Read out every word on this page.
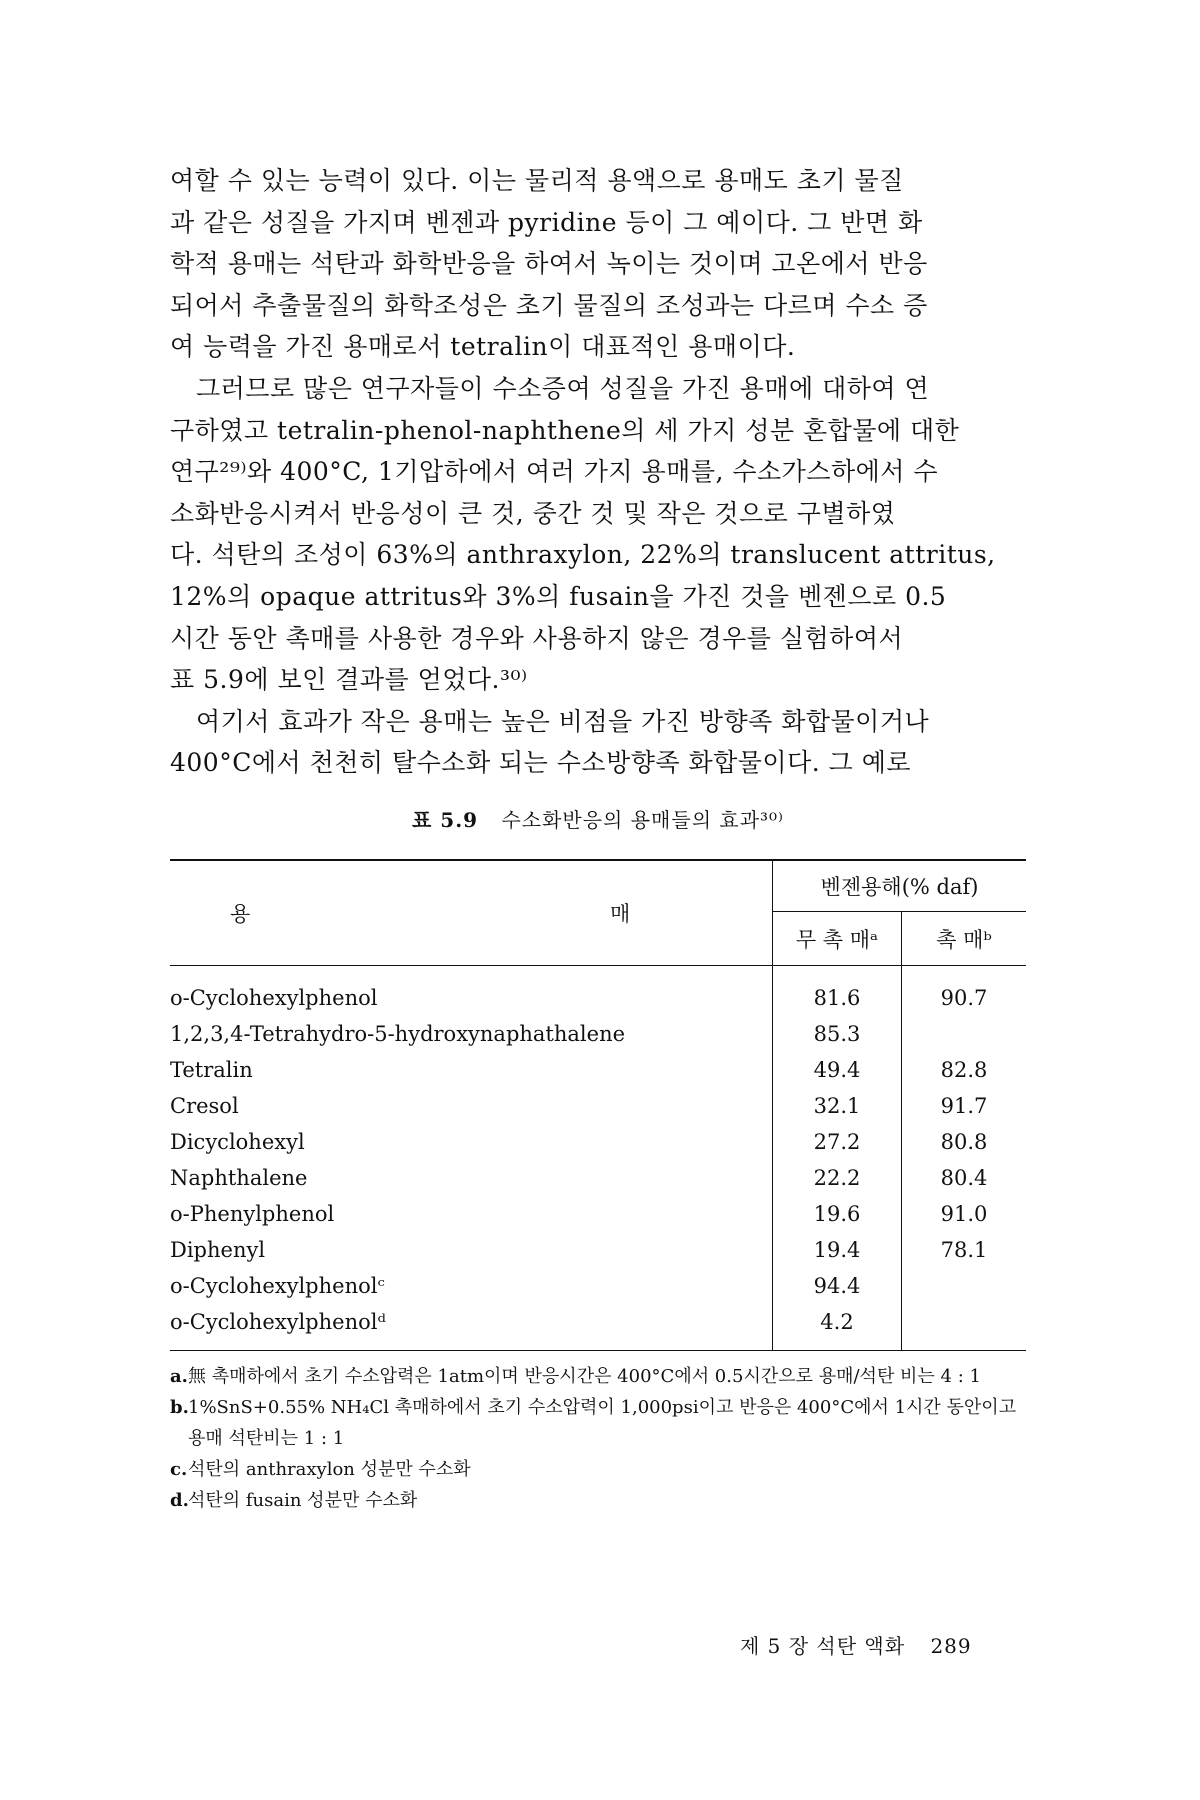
여할 수 있는 능력이 있다. 이는 물리적 용액으로 용매도 초기 물질
과 같은 성질을 가지며 벤젠과 pyridine 등이 그 예이다. 그 반면 화
학적 용매는 석탄과 화학반응을 하여서 녹이는 것이며 고온에서 반응
되어서 추출물질의 화학조성은 초기 물질의 조성과는 다르며 수소 증
여 능력을 가진 용매로서 tetralin이 대표적인 용매이다.

그러므로 많은 연구자들이 수소증여 성질을 가진 용매에 대하여 연
구하였고 tetralin-phenol-naphthene의 세 가지 성분 혼합물에 대한
연구²⁹⁾와 400°C, 1기압하에서 여러 가지 용매를, 수소가스하에서 수
소화반응시켜서 반응성이 큰 것, 중간 것 및 작은 것으로 구별하였
다. 석탄의 조성이 63%의 anthraxylon, 22%의 translucent attritus,
12%의 opaque attritus와 3%의 fusain을 가진 것을 벤젠으로 0.5
시간 동안 촉매를 사용한 경우와 사용하지 않은 경우를 실험하여서
표 5.9에 보인 결과를 얻었다.³⁰⁾

여기서 효과가 작은 용매는 높은 비점을 가진 방향족 화합물이거나
400°C에서 천천히 탈수소화 되는 수소방향족 화합물이다. 그 예로

표 5.9 수소화반응의 용매들의 효과³⁰⁾
용 매	벤젠용해(% daf)	
	무 촉 매ᵃ	촉 매ᵇ
o-Cyclohexylphenol	81.6	90.7
1,2,3,4-Tetrahydro-5-hydroxynaphathalene	85.3	
Tetralin	49.4	82.8
Cresol	32.1	91.7
Dicyclohexyl	27.2	80.8
Naphthalene	22.2	80.4
o-Phenylphenol	19.6	91.0
Diphenyl	19.4	78.1
o-Cyclohexylphenolᶜ	94.4	
o-Cyclohexylphenolᵈ	4.2	
a. 無 촉매하에서 초기 수소압력은 1atm이며 반응시간은 400°C에서 0.5시간으로 용매/석탄 비는 4 : 1
b. 1%SnS+0.55% NH₄Cl 촉매하에서 초기 수소압력이 1,000psi이고 반응은 400°C에서 1시간 동안이고 용매 석탄비는 1 : 1
c. 석탄의 anthraxylon 성분만 수소화
d. 석탄의 fusain 성분만 수소화
제 5 장 석탄 액화 289
